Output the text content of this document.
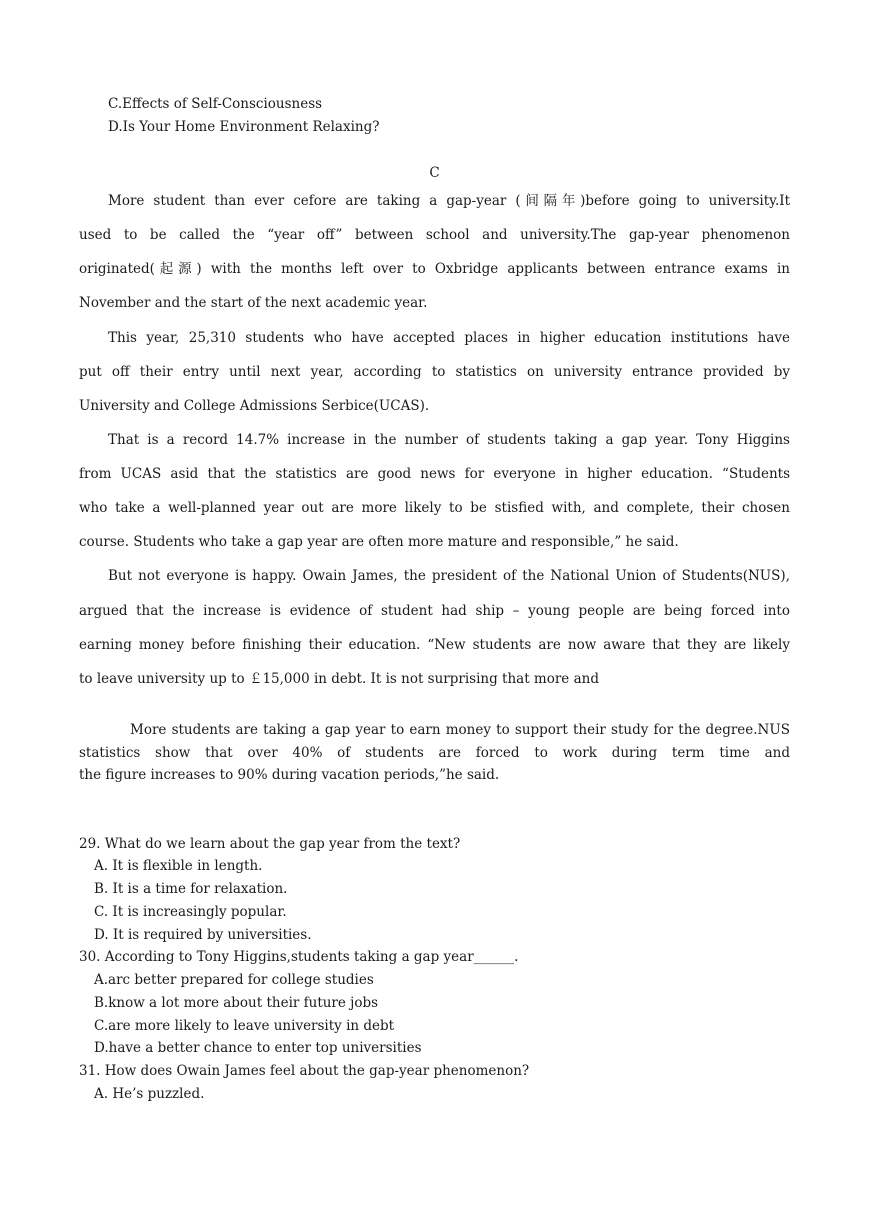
C.Effects of Self-Consciousness
D.Is Your Home Environment Relaxing?
C
More student than ever cefore are taking a gap-year (间隔年)before going to university.It
used to be called the “year off” between school and university.The gap-year phenomenon
originated(起源) with the months left over to Oxbridge applicants between entrance exams in
November and the start of the next academic year.
This year, 25,310 students who have accepted places in higher education institutions have
put off their entry until next year, according to statistics on university entrance provided by
University and College Admissions Serbice(UCAS).
That is a record 14.7% increase in the number of students taking a gap year. Tony Higgins
from UCAS asid that the statistics are good news for everyone in higher education. “Students
who take a well-planned year out are more likely to be stisfied with, and complete, their chosen
course. Students who take a gap year are often more mature and responsible,” he said.
But not everyone is happy. Owain James, the president of the National Union of Students(NUS),
argued that the increase is evidence of student had ship – young people are being forced into
earning money before finishing their education. “New students are now aware that they are likely
to leave university up to ￡15,000 in debt. It is not surprising that more and
More students are taking a gap year to earn money to support their study for the degree.NUS
statistics show that over 40% of students are forced to work during term time and
the figure increases to 90% during vacation periods,”he said.
29. What do we learn about the gap year from the text?
A. It is flexible in length.
B. It is a time for relaxation.
C. It is increasingly popular.
D. It is required by universities.
30. According to Tony Higgins,students taking a gap year______.
A.arc better prepared for college studies
B.know a lot more about their future jobs
C.are more likely to leave university in debt
D.have a better chance to enter top universities
31. How does Owain James feel about the gap-year phenomenon?
A. He’s puzzled.
